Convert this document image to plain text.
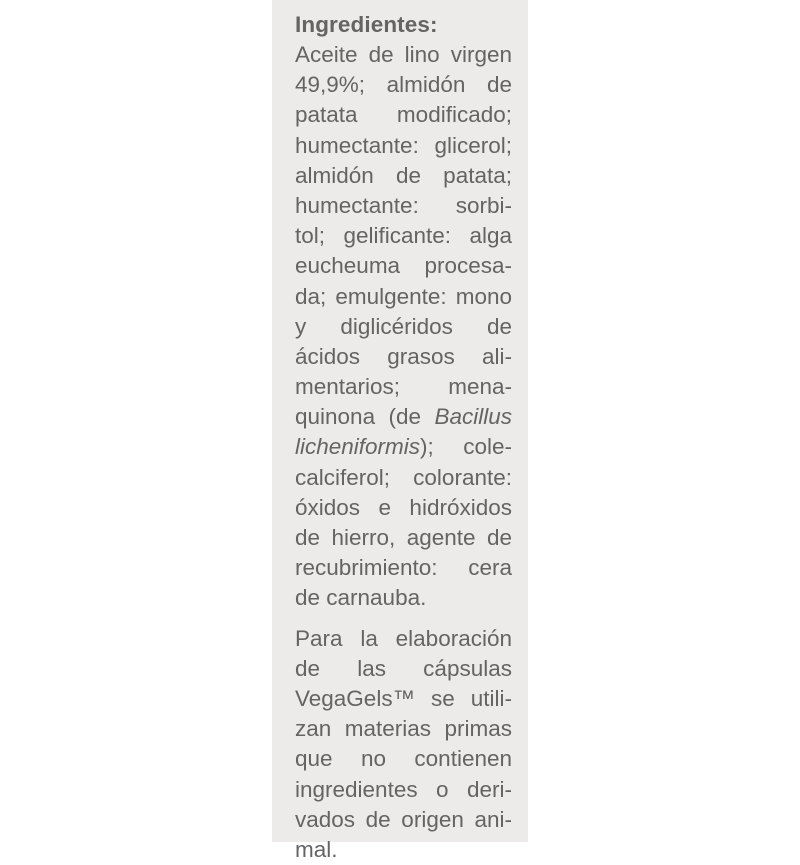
Ingredientes:
Aceite de lino virgen
49,9%; almidón de
patata modificado;
humectante: glicerol;
almidón de patata;
humectante: sorbi-
tol; gelificante: alga
eucheuma procesa-
da; emulgente: mono
y diglicéridos de
ácidos grasos ali-
mentarios; mena-
quinona (de Bacillus
licheniformis); cole-
calciferol; colorante:
óxidos e hidróxidos
de hierro, agente de
recubrimiento: cera
de carnauba.
Para la elaboración
de las cápsulas
VegaGels™ se utili-
zan materias primas
que no contienen
ingredientes o deri-
vados de origen ani-
mal.
